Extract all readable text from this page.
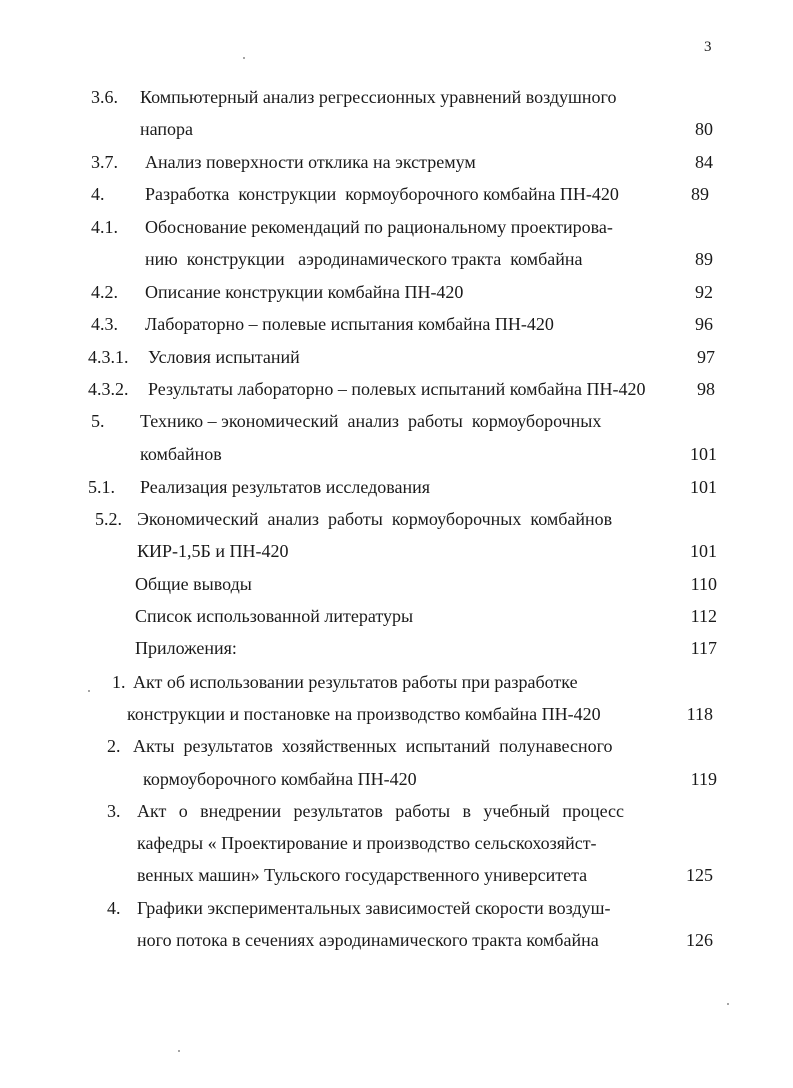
3
3.6. Компьютерный анализ регрессионных уравнений воздушного
напора	80
3.7. Анализ поверхности отклика на экстремум	84
4. Разработка  конструкции  кормоуборочного комбайна ПН-420	89
4.1. Обоснование рекомендаций по рациональному проектирова-
нию  конструкции   аэродинамического тракта  комбайна	89
4.2. Описание конструкции комбайна ПН-420	92
4.3. Лабораторно – полевые испытания комбайна ПН-420	96
4.3.1. Условия испытаний	97
4.3.2. Результаты лабораторно – полевых испытаний комбайна ПН-420	98
5. Технико – экономический  анализ  работы  кормоуборочных
комбайнов	101
5.1. Реализация результатов исследования	101
5.2. Экономический  анализ  работы  кормоуборочных  комбайнов
КИР-1,5Б и ПН-420	101
Общие выводы	110
Список использованной литературы	112
Приложения:	117
1. Акт об использовании результатов работы при разработке
конструкции и постановке на производство комбайна ПН-420	118
2. Акты  результатов  хозяйственных  испытаний  полунавесного
кормоуборочного комбайна ПН-420	119
3. Акт о внедрении результатов работы в учебный процесс
кафедры « Проектирование и производство сельскохозяйст-
венных машин» Тульского государственного университета	125
4. Графики экспериментальных зависимостей скорости воздуш-
ного потока в сечениях аэродинамического тракта комбайна	126
